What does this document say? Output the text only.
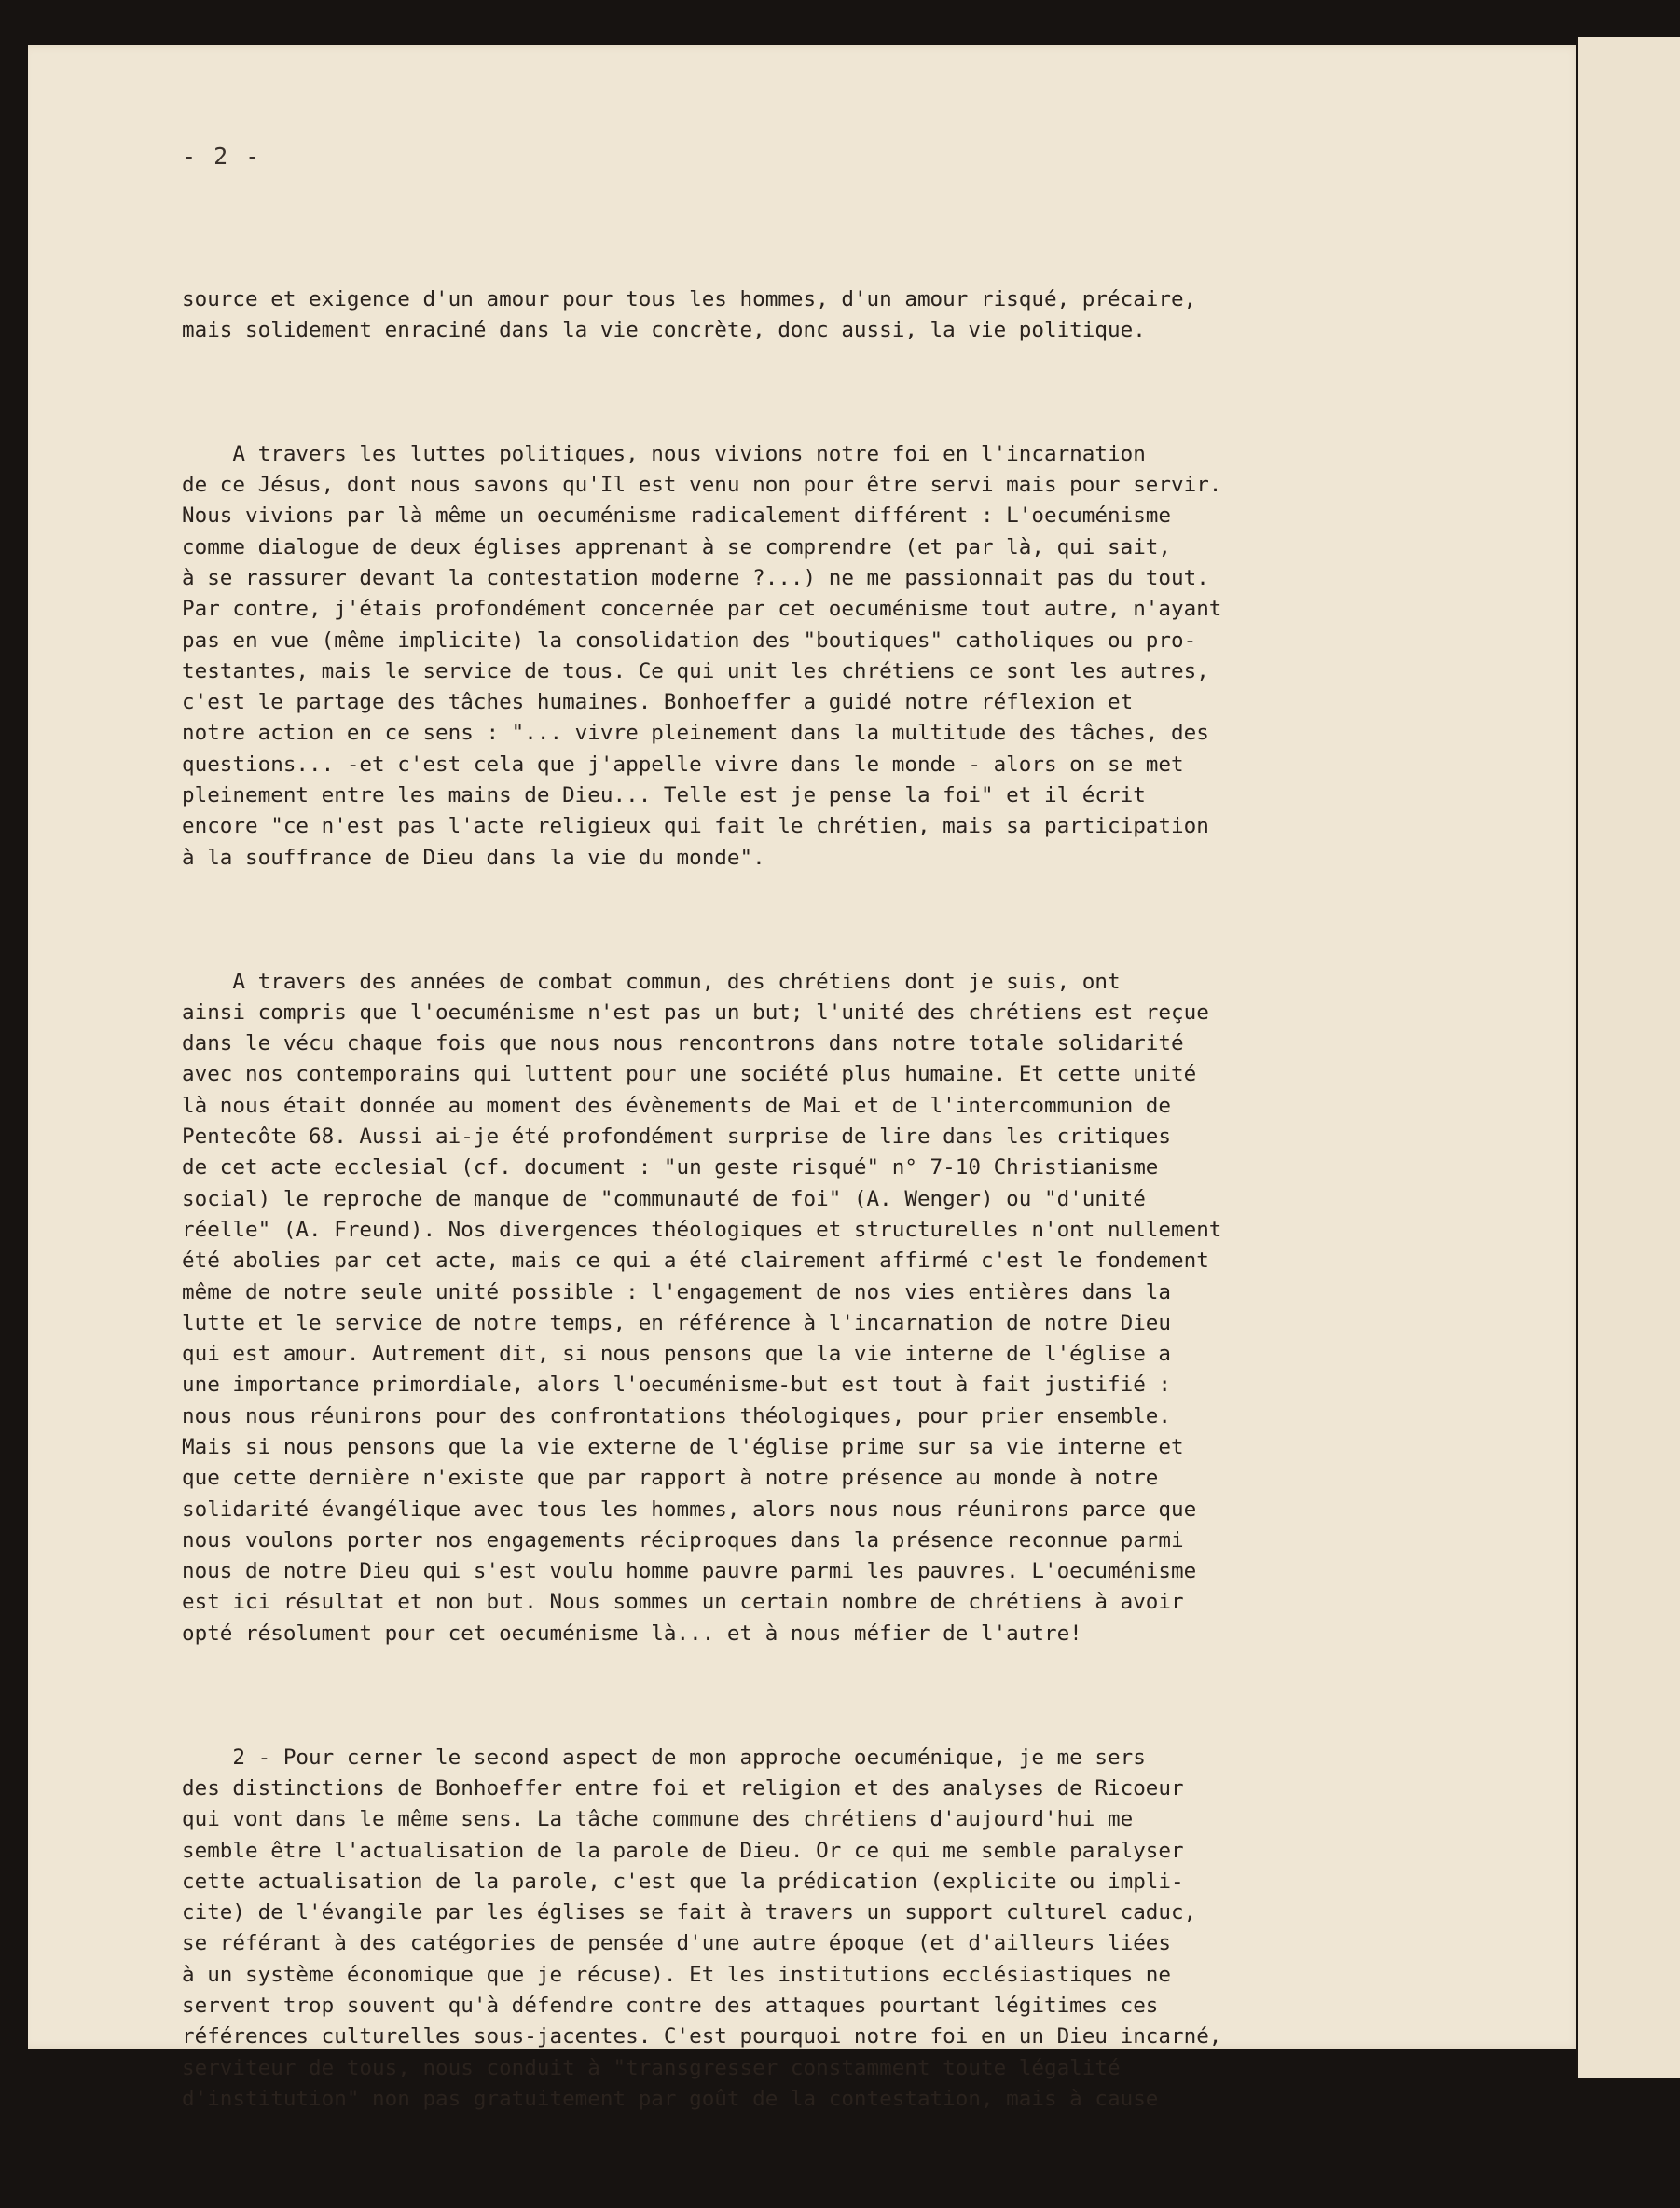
- 2 -

source et exigence d'un amour pour tous les hommes, d'un amour risqué, précaire,
mais solidement enraciné dans la vie concrète, donc aussi, la vie politique.

A travers les luttes politiques, nous vivions notre foi en l'incarnation
de ce Jésus, dont nous savons qu'Il est venu non pour être servi mais pour servir.
Nous vivions par là même un oecuménisme radicalement différent : L'oecuménisme
comme dialogue de deux églises apprenant à se comprendre (et par là, qui sait,
à se rassurer devant la contestation moderne ?...) ne me passionnait pas du tout.
Par contre, j'étais profondément concernée par cet oecuménisme tout autre, n'ayant
pas en vue (même implicite) la consolidation des "boutiques" catholiques ou pro-
testantes, mais le service de tous. Ce qui unit les chrétiens ce sont les autres,
c'est le partage des tâches humaines. Bonhoeffer a guidé notre réflexion et
notre action en ce sens : "... vivre pleinement dans la multitude des tâches, des
questions... -et c'est cela que j'appelle vivre dans le monde - alors on se met
pleinement entre les mains de Dieu... Telle est je pense la foi" et il écrit
encore "ce n'est pas l'acte religieux qui fait le chrétien, mais sa participation
à la souffrance de Dieu dans la vie du monde".

A travers des années de combat commun, des chrétiens dont je suis, ont
ainsi compris que l'oecuménisme n'est pas un but; l'unité des chrétiens est reçue
dans le vécu chaque fois que nous nous rencontrons dans notre totale solidarité
avec nos contemporains qui luttent pour une société plus humaine. Et cette unité
là nous était donnée au moment des évènements de Mai et de l'intercommunion de
Pentecôte 68. Aussi ai-je été profondément surprise de lire dans les critiques
de cet acte ecclesial (cf. document : "un geste risqué" n° 7-10 Christianisme
social) le reproche de manque de "communauté de foi" (A. Wenger) ou "d'unité
réelle" (A. Freund). Nos divergences théologiques et structurelles n'ont nullement
été abolies par cet acte, mais ce qui a été clairement affirmé c'est le fondement
même de notre seule unité possible : l'engagement de nos vies entières dans la
lutte et le service de notre temps, en référence à l'incarnation de notre Dieu
qui est amour. Autrement dit, si nous pensons que la vie interne de l'église a
une importance primordiale, alors l'oecuménisme-but est tout à fait justifié :
nous nous réunirons pour des confrontations théologiques, pour prier ensemble.
Mais si nous pensons que la vie externe de l'église prime sur sa vie interne et
que cette dernière n'existe que par rapport à notre présence au monde à notre
solidarité évangélique avec tous les hommes, alors nous nous réunirons parce que
nous voulons porter nos engagements réciproques dans la présence reconnue parmi
nous de notre Dieu qui s'est voulu homme pauvre parmi les pauvres. L'oecuménisme
est ici résultat et non but. Nous sommes un certain nombre de chrétiens à avoir
opté résolument pour cet oecuménisme là... et à nous méfier de l'autre!

2 - Pour cerner le second aspect de mon approche oecuménique, je me sers
des distinctions de Bonhoeffer entre foi et religion et des analyses de Ricoeur
qui vont dans le même sens. La tâche commune des chrétiens d'aujourd'hui me
semble être l'actualisation de la parole de Dieu. Or ce qui me semble paralyser
cette actualisation de la parole, c'est que la prédication (explicite ou impli-
cite) de l'évangile par les églises se fait à travers un support culturel caduc,
se référant à des catégories de pensée d'une autre époque (et d'ailleurs liées
à un système économique que je récuse). Et les institutions ecclésiastiques ne
servent trop souvent qu'à défendre contre des attaques pourtant légitimes ces
références culturelles sous-jacentes. C'est pourquoi notre foi en un Dieu incarné,
serviteur de tous, nous conduit à "transgresser constamment toute légalité
d'institution" non pas gratuitement par goût de la contestation, mais à cause
